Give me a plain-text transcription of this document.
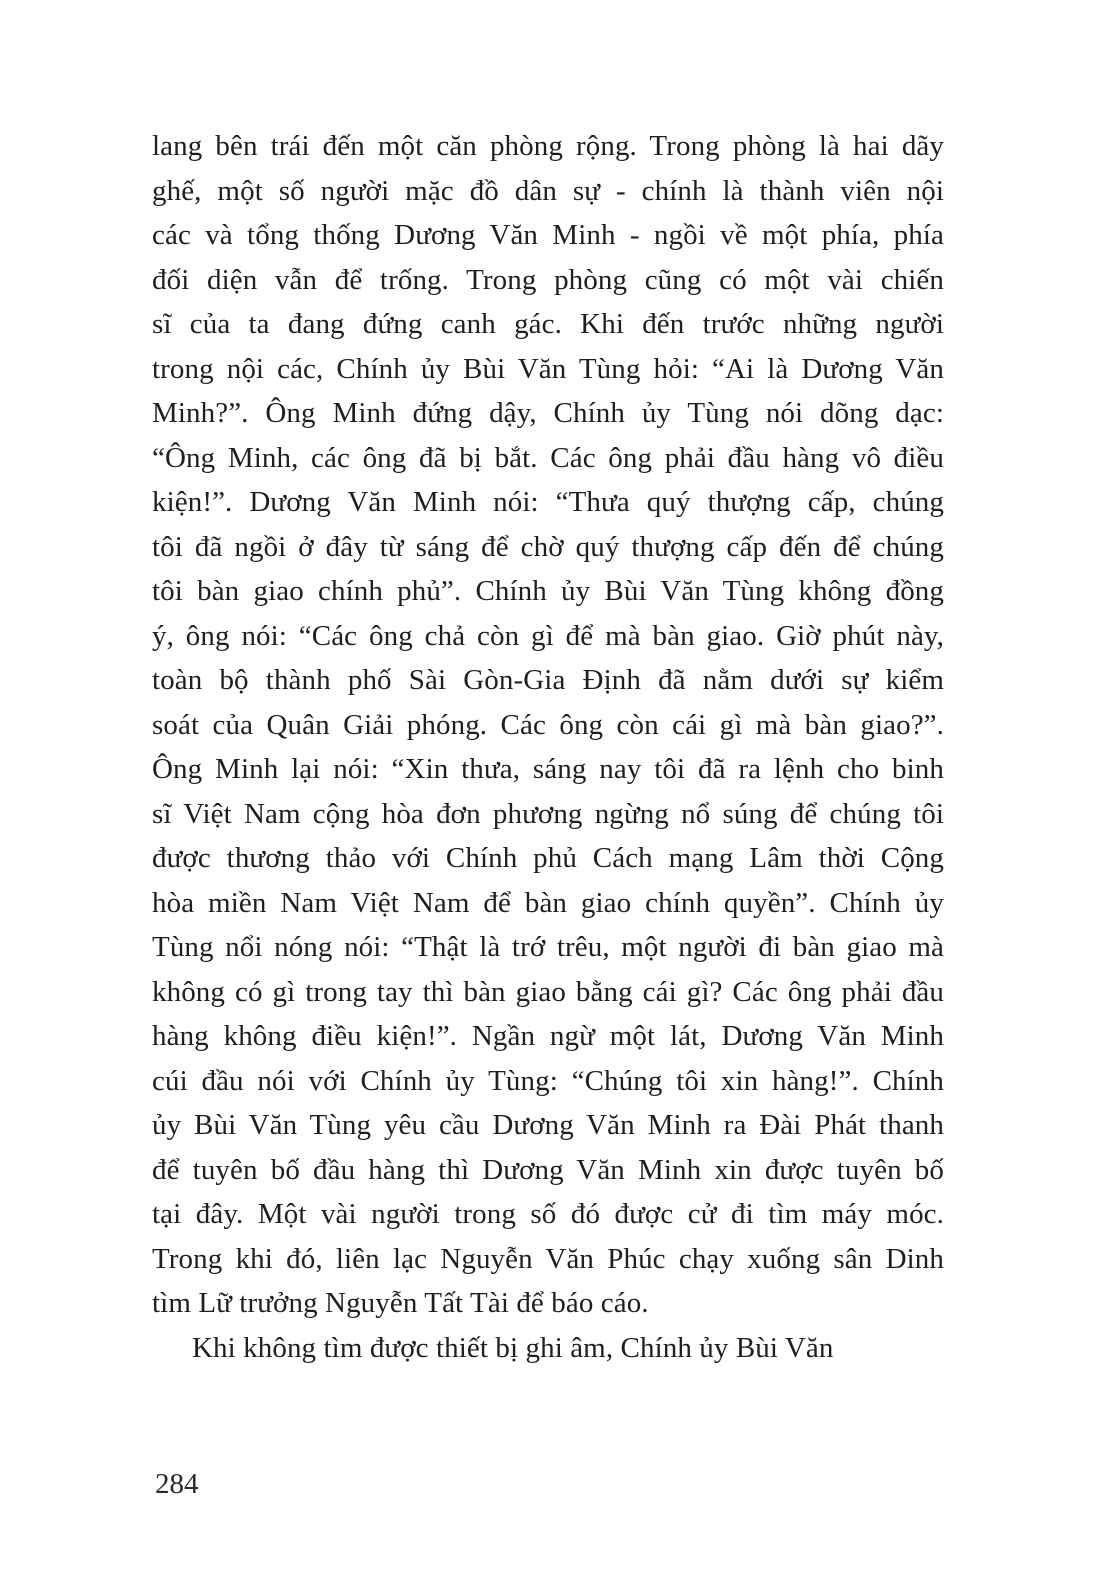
lang bên trái đến một căn phòng rộng. Trong phòng là hai dãy
ghế, một số người mặc đồ dân sự - chính là thành viên nội
các và tổng thống Dương Văn Minh - ngồi về một phía, phía
đối diện vẫn để trống. Trong phòng cũng có một vài chiến
sĩ của ta đang đứng canh gác. Khi đến trước những người
trong nội các, Chính ủy Bùi Văn Tùng hỏi: “Ai là Dương Văn
Minh?”. Ông Minh đứng dậy, Chính ủy Tùng nói dõng dạc:
“Ông Minh, các ông đã bị bắt. Các ông phải đầu hàng vô điều
kiện!”. Dương Văn Minh nói: “Thưa quý thượng cấp, chúng
tôi đã ngồi ở đây từ sáng để chờ quý thượng cấp đến để chúng
tôi bàn giao chính phủ”. Chính ủy Bùi Văn Tùng không đồng
ý, ông nói: “Các ông chả còn gì để mà bàn giao. Giờ phút này,
toàn bộ thành phố Sài Gòn-Gia Định đã nằm dưới sự kiểm
soát của Quân Giải phóng. Các ông còn cái gì mà bàn giao?”.
Ông Minh lại nói: “Xin thưa, sáng nay tôi đã ra lệnh cho binh
sĩ Việt Nam cộng hòa đơn phương ngừng nổ súng để chúng tôi
được thương thảo với Chính phủ Cách mạng Lâm thời Cộng
hòa miền Nam Việt Nam để bàn giao chính quyền”. Chính ủy
Tùng nổi nóng nói: “Thật là trớ trêu, một người đi bàn giao mà
không có gì trong tay thì bàn giao bằng cái gì? Các ông phải đầu
hàng không điều kiện!”. Ngần ngừ một lát, Dương Văn Minh
cúi đầu nói với Chính ủy Tùng: “Chúng tôi xin hàng!”. Chính
ủy Bùi Văn Tùng yêu cầu Dương Văn Minh ra Đài Phát thanh
để tuyên bố đầu hàng thì Dương Văn Minh xin được tuyên bố
tại đây. Một vài người trong số đó được cử đi tìm máy móc.
Trong khi đó, liên lạc Nguyễn Văn Phúc chạy xuống sân Dinh
tìm Lữ trưởng Nguyễn Tất Tài để báo cáo.
Khi không tìm được thiết bị ghi âm, Chính ủy Bùi Văn
284
